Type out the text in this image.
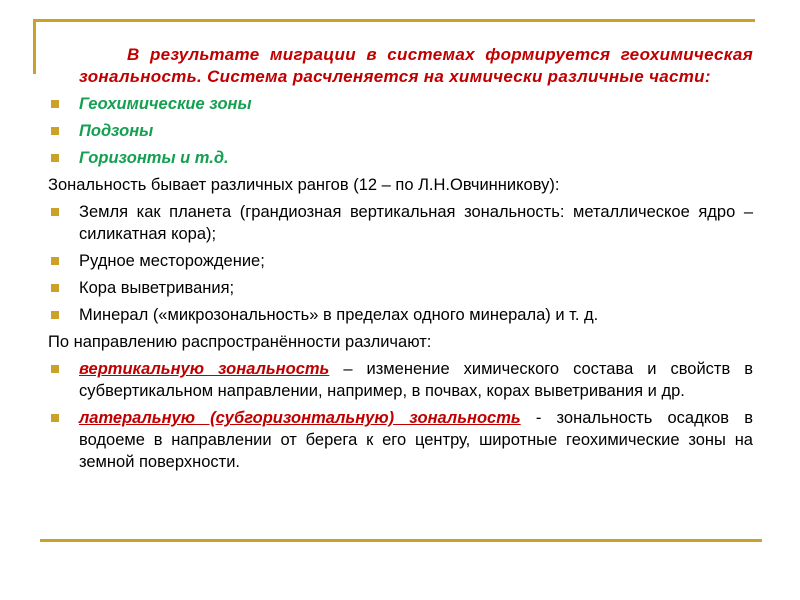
В результате миграции в системах формируется геохимическая зональность. Система расчленяется на химически различные части:

Геохимические зоны
Подзоны
Горизонты и т.д.
Зональность бывает различных рангов (12 – по Л.Н.Овчинникову):
Земля как планета (грандиозная вертикальная зональность: металлическое ядро – силикатная кора);
Рудное месторождение;
Кора выветривания;
Минерал («микрозональность» в пределах одного минерала) и т. д.
По направлению распространённости различают:
вертикальную зональность – изменение химического состава и свойств в субвертикальном направлении, например, в почвах, корах выветривания и др.
латеральную (субгоризонтальную) зональность - зональность осадков в водоеме в направлении от берега к его центру, широтные геохимические зоны на земной поверхности.
